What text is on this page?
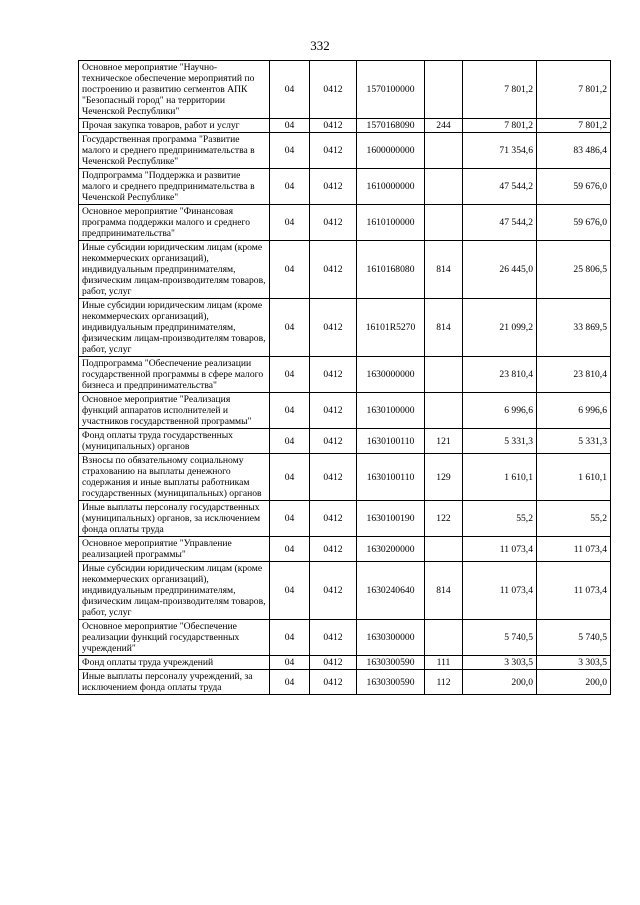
332
Основное мероприятие "Научно-техническое обеспечение мероприятий по построению и развитию сегментов АПК "Безопасный город" на территории Чеченской Республики"	04	0412	1570100000		7 801,2	7 801,2
Прочая закупка товаров, работ и услуг	04	0412	1570168090	244	7 801,2	7 801,2
Государственная программа "Развитие малого и среднего предпринимательства в Чеченской Республике"	04	0412	1600000000		71 354,6	83 486,4
Подпрограмма "Поддержка и развитие малого и среднего предпринимательства в Чеченской Республике"	04	0412	1610000000		47 544,2	59 676,0
Основное мероприятие "Финансовая программа поддержки малого и среднего предпринимательства"	04	0412	1610100000		47 544,2	59 676,0
Иные субсидии юридическим лицам (кроме некоммерческих организаций), индивидуальным предпринимателям, физическим лицам-производителям товаров, работ, услуг	04	0412	1610168080	814	26 445,0	25 806,5
Иные субсидии юридическим лицам (кроме некоммерческих организаций), индивидуальным предпринимателям, физическим лицам-производителям товаров, работ, услуг	04	0412	16101R5270	814	21 099,2	33 869,5
Подпрограмма "Обеспечение реализации государственной программы в сфере малого бизнеса и предпринимательства"	04	0412	1630000000		23 810,4	23 810,4
Основное мероприятие "Реализация функций аппаратов исполнителей и участников государственной программы"	04	0412	1630100000		6 996,6	6 996,6
Фонд оплаты труда государственных (муниципальных) органов	04	0412	1630100110	121	5 331,3	5 331,3
Взносы по обязательному социальному страхованию на выплаты денежного содержания и иные выплаты работникам государственных (муниципальных) органов	04	0412	1630100110	129	1 610,1	1 610,1
Иные выплаты персоналу государственных (муниципальных) органов, за исключением фонда оплаты труда	04	0412	1630100190	122	55,2	55,2
Основное мероприятие "Управление реализацией программы"	04	0412	1630200000		11 073,4	11 073,4
Иные субсидии юридическим лицам (кроме некоммерческих организаций), индивидуальным предпринимателям, физическим лицам-производителям товаров, работ, услуг	04	0412	1630240640	814	11 073,4	11 073,4
Основное мероприятие "Обеспечение реализации функций государственных учреждений"	04	0412	1630300000		5 740,5	5 740,5
Фонд оплаты труда учреждений	04	0412	1630300590	111	3 303,5	3 303,5
Иные выплаты персоналу учреждений, за исключением фонда оплаты труда	04	0412	1630300590	112	200,0	200,0
